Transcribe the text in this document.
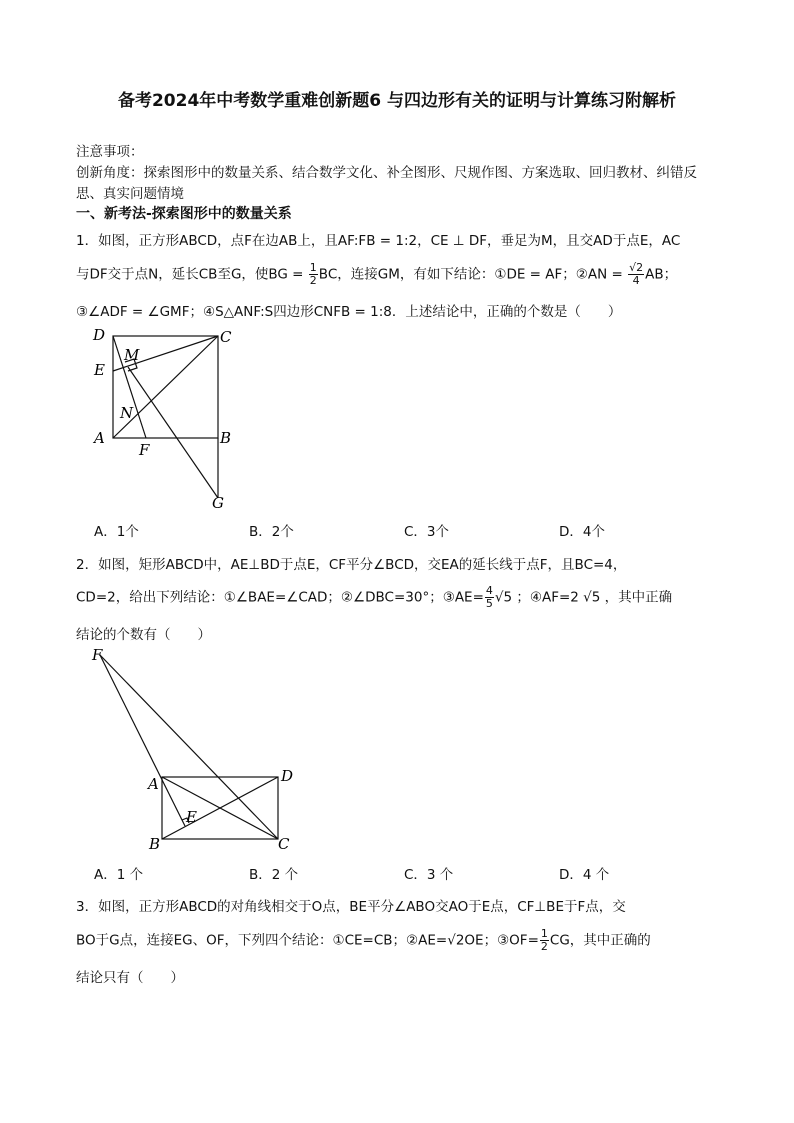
备考2024年中考数学重难创新题6 与四边形有关的证明与计算练习附解析
注意事项：
创新角度：探索图形中的数量关系、结合数学文化、补全图形、尺规作图、方案选取、回归教材、纠错反
思、真实问题情境
一、新考法-探索图形中的数量关系
1．如图，正方形ABCD，点F在边AB上，且AF:FB = 1:2，CE ⊥ DF，垂足为M，且交AD于点E，AC
与DF交于点N，延长CB至G，使BG = $\frac{1}{2}$ BC，连接GM，有如下结论：①DE = AF；②AN = $\frac{√2}{4}$ AB；
③∠ADF = ∠GMF；④S△ANF:S四边形CNFB = 1:8．上述结论中，正确的个数是（　　）
D	C
M
E
N
A	B
F
G
A．1个	B．2个	C．3个	D．4个
2．如图，矩形ABCD中，AE⊥BD于点E，CF平分∠BCD，交EA的延长线于点F，且BC=4，
CD=2，给出下列结论：①∠BAE=∠CAD；②∠DBC=30°；③AE= $\frac{4}{5} √5$ ；④AF=2 √5 ，其中正确
结论的个数有（　　）
F
A	D
E
B	C
A．1 个	B．2 个	C．3 个	D．4 个
3．如图，正方形ABCD的对角线相交于O点，BE平分∠ABO交AO于E点，CF⊥BE于F点，交
BO于G点，连接EG、OF，下列四个结论：①CE=CB；②AE=√2OE；③OF= $\frac{1}{2}$ CG，其中正确的
结论只有（　　）
